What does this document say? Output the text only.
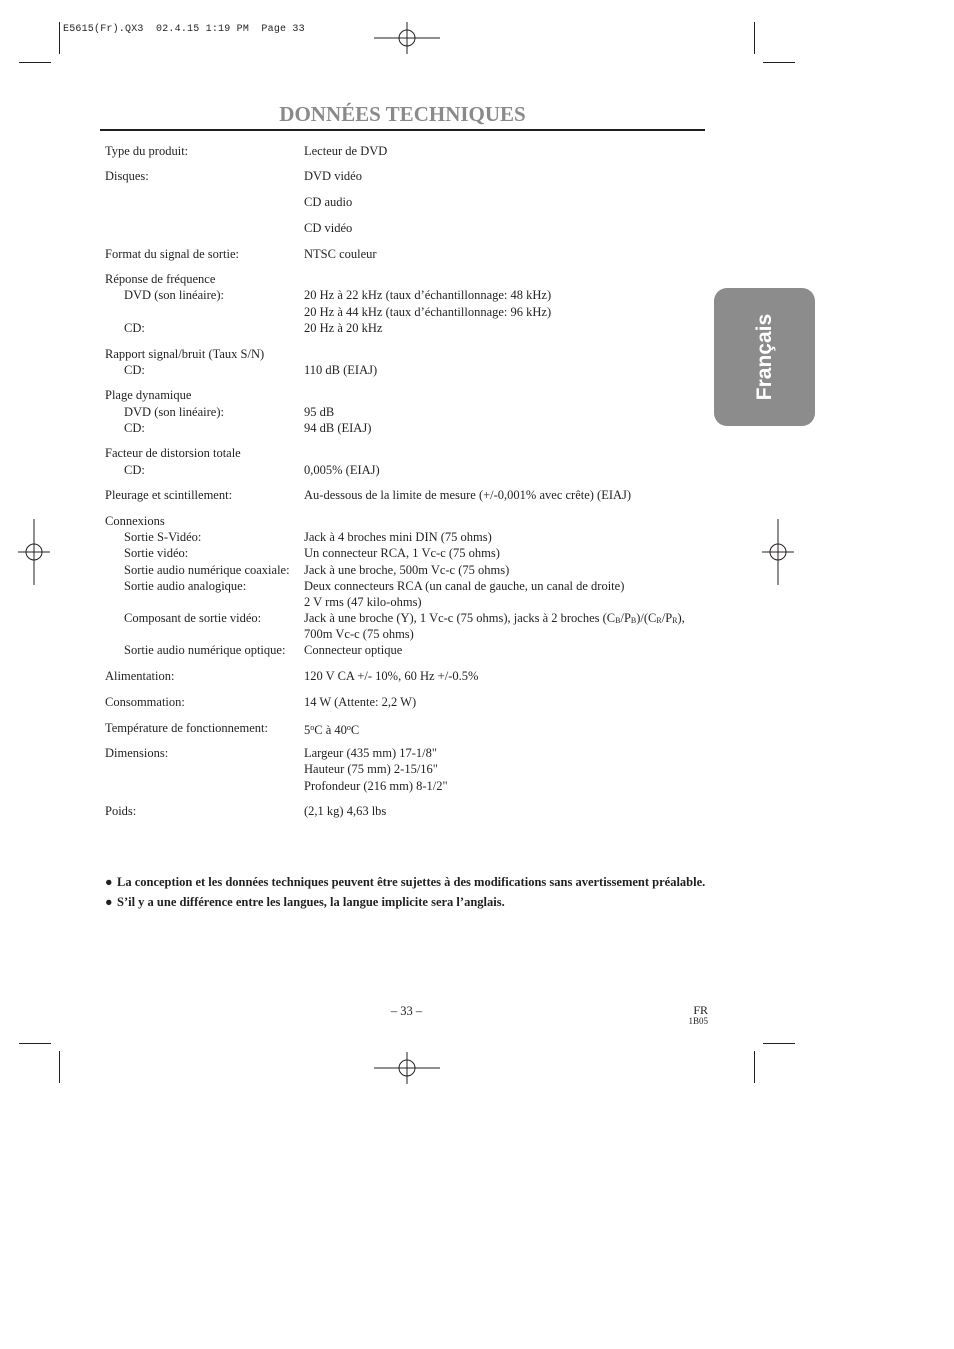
E5615(Fr).QX3  02.4.15 1:19 PM  Page 33
DONNÉES TECHNIQUES
Français
Type du produit:	Lecteur de DVD
Disques:	DVD vidéo
CD audio
CD vidéo
Format du signal de sortie:	NTSC couleur
Réponse de fréquence
DVD (son linéaire):	20 Hz à 22 kHz (taux d’échantillonnage: 48 kHz)
20 Hz à 44 kHz (taux d’échantillonnage: 96 kHz)
CD:	20 Hz à 20 kHz
Rapport signal/bruit (Taux S/N)
CD:	110 dB (EIAJ)
Plage dynamique
DVD (son linéaire):	95 dB
CD:	94 dB (EIAJ)
Facteur de distorsion totale
CD:	0,005% (EIAJ)
Pleurage et scintillement:	Au-dessous de la limite de mesure (+/-0,001% avec crête) (EIAJ)
Connexions
Sortie S-Vidéo:	Jack à 4 broches mini DIN (75 ohms)
Sortie vidéo:	Un connecteur RCA, 1 Vc-c (75 ohms)
Sortie audio numérique coaxiale: Jack à une broche, 500m Vc-c (75 ohms)
Sortie audio analogique:	Deux connecteurs RCA (un canal de gauche, un canal de droite)
2 V rms (47 kilo-ohms)
Composant de sortie vidéo:	Jack à une broche (Y), 1 Vc-c (75 ohms), jacks à 2 broches $(C_B/P_B)/(C_R/P_R)$,
700m Vc-c (75 ohms)
Sortie audio numérique optique: Connecteur optique
Alimentation:	120 V CA +/- 10%, 60 Hz +/-0.5%
Consommation:	14 W (Attente: 2,2 W)
Température de fonctionnement:	5$^o$C à 40$^o$C
Dimensions:	Largeur (435 mm) 17-1/8"
Hauteur (75 mm) 2-15/16"
Profondeur (216 mm) 8-1/2"
Poids:	(2,1 kg) 4,63 lbs
● La conception et les données techniques peuvent être sujettes à des modifications sans avertissement préalable.
● S’il y a une différence entre les langues, la langue implicite sera l’anglais.
– 33 –	FR
1B05
